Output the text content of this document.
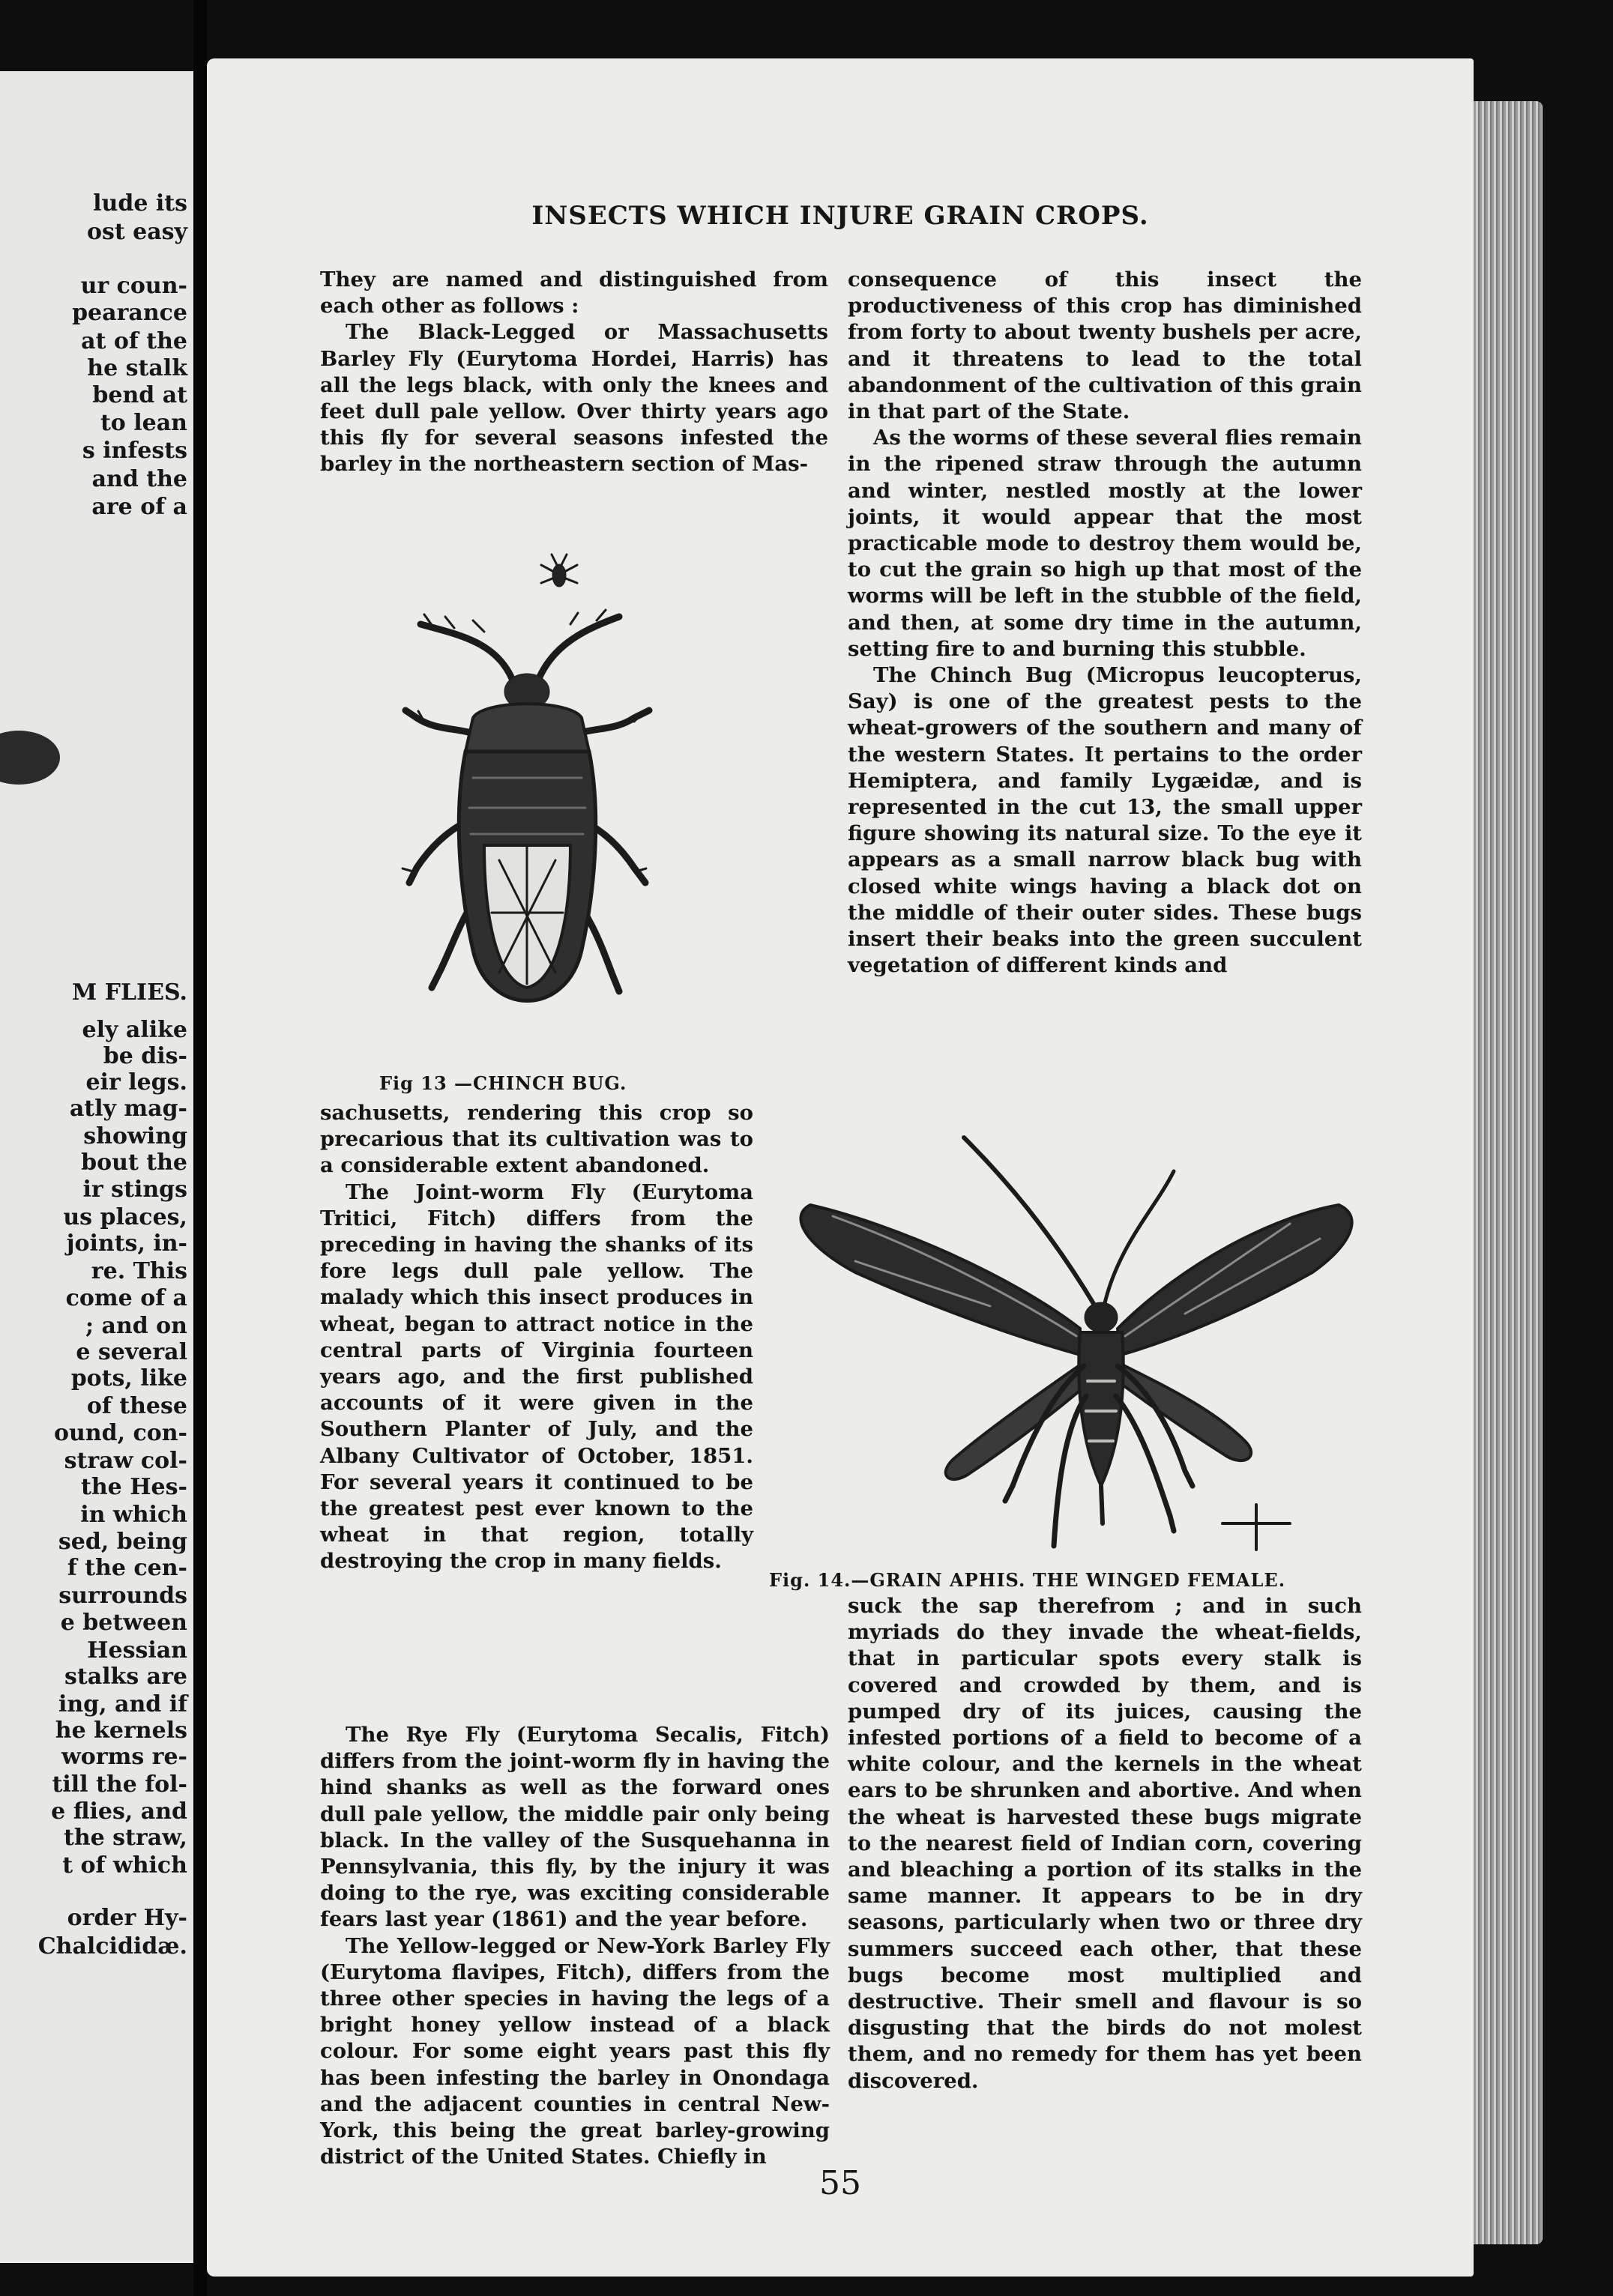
lude its
ost easy
ur coun-
pearance
at of the
he stalk
bend at
to lean
s infests
and the
are of a
M FLIES.
ely alike
be dis-
eir legs.
atly mag-
showing
bout the
ir stings
us places,
joints, in-
re. This
come of a
; and on
e several
pots, like
of these
ound, con-
straw col-
the Hes-
in which
sed, being
f the cen-
surrounds
e between
Hessian
stalks are
ing, and if
he kernels
worms re-
till the fol-
e flies, and
the straw,
t of which
order Hy-
Chalcididæ.
INSECTS WHICH INJURE GRAIN CROPS.

They are named and distinguished from each other as follows :

The Black-Legged or Massachusetts Barley Fly (Eurytoma Hordei, Harris) has all the legs black, with only the knees and feet dull pale yellow. Over thirty years ago this fly for several seasons infested the barley in the northeastern section of Mas-

Fig 13 —CHINCH BUG.

sachusetts, rendering this crop so precarious that its cultivation was to a considerable extent abandoned.

The Joint-worm Fly (Eurytoma Tritici, Fitch) differs from the preceding in having the shanks of its fore legs dull pale yellow. The malady which this insect produces in wheat, began to attract notice in the central parts of Virginia fourteen years ago, and the first published accounts of it were given in the Southern Planter of July, and the Albany Cultivator of October, 1851. For several years it continued to be the greatest pest ever known to the wheat in that region, totally destroying the crop in many fields.

The Rye Fly (Eurytoma Secalis, Fitch) differs from the joint-worm fly in having the hind shanks as well as the forward ones dull pale yellow, the middle pair only being black. In the valley of the Susquehanna in Pennsylvania, this fly, by the injury it was doing to the rye, was exciting considerable fears last year (1861) and the year before.

The Yellow-legged or New-York Barley Fly (Eurytoma flavipes, Fitch), differs from the three other species in having the legs of a bright honey yellow instead of a black colour. For some eight years past this fly has been infesting the barley in Onondaga and the adjacent counties in central New-York, this being the great barley-growing district of the United States. Chiefly in

consequence of this insect the productiveness of this crop has diminished from forty to about twenty bushels per acre, and it threatens to lead to the total abandonment of the cultivation of this grain in that part of the State.

As the worms of these several flies remain in the ripened straw through the autumn and winter, nestled mostly at the lower joints, it would appear that the most practicable mode to destroy them would be, to cut the grain so high up that most of the worms will be left in the stubble of the field, and then, at some dry time in the autumn, setting fire to and burning this stubble.

The Chinch Bug (Micropus leucopterus, Say) is one of the greatest pests to the wheat-growers of the southern and many of the western States. It pertains to the order Hemiptera, and family Lygæidæ, and is represented in the cut 13, the small upper figure showing its natural size. To the eye it appears as a small narrow black bug with closed white wings having a black dot on the middle of their outer sides. These bugs insert their beaks into the green succulent vegetation of different kinds and

Fig. 14.—GRAIN APHIS. THE WINGED FEMALE.

suck the sap therefrom ; and in such myriads do they invade the wheat-fields, that in particular spots every stalk is covered and crowded by them, and is pumped dry of its juices, causing the infested portions of a field to become of a white colour, and the kernels in the wheat ears to be shrunken and abortive. And when the wheat is harvested these bugs migrate to the nearest field of Indian corn, covering and bleaching a portion of its stalks in the same manner. It appears to be in dry seasons, particularly when two or three dry summers succeed each other, that these bugs become most multiplied and destructive. Their smell and flavour is so disgusting that the birds do not molest them, and no remedy for them has yet been discovered.

55
